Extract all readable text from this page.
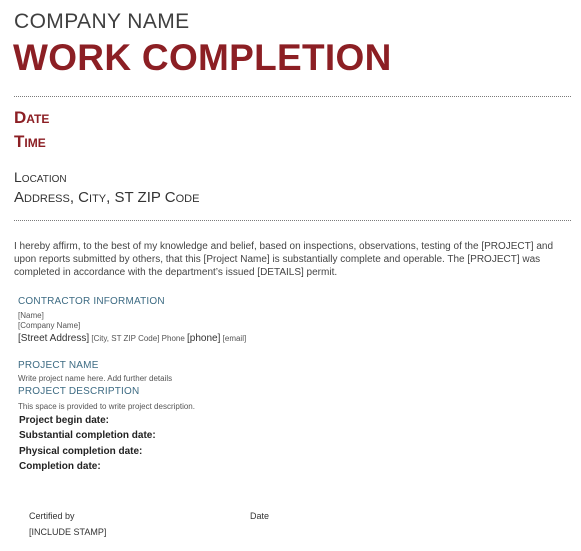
COMPANY NAME
WORK COMPLETION
Date
Time
Location
Address, City, ST ZIP Code
I hereby affirm, to the best of my knowledge and belief, based on inspections, observations, testing of the [PROJECT] and upon reports submitted by others, that this [Project Name] is substantially complete and operable. The [PROJECT] was completed in accordance with the department’s issued [DETAILS] permit.
CONTRACTOR INFORMATION
[Name]
[Company Name]
[Street Address] [City, ST ZIP Code] Phone [phone] [email]
PROJECT NAME
Write project name here. Add further details
PROJECT DESCRIPTION
This space is provided to write project description.
Project begin date:
Substantial completion date:
Physical completion date:
Completion date:
Certified by	Date
[INCLUDE STAMP]
